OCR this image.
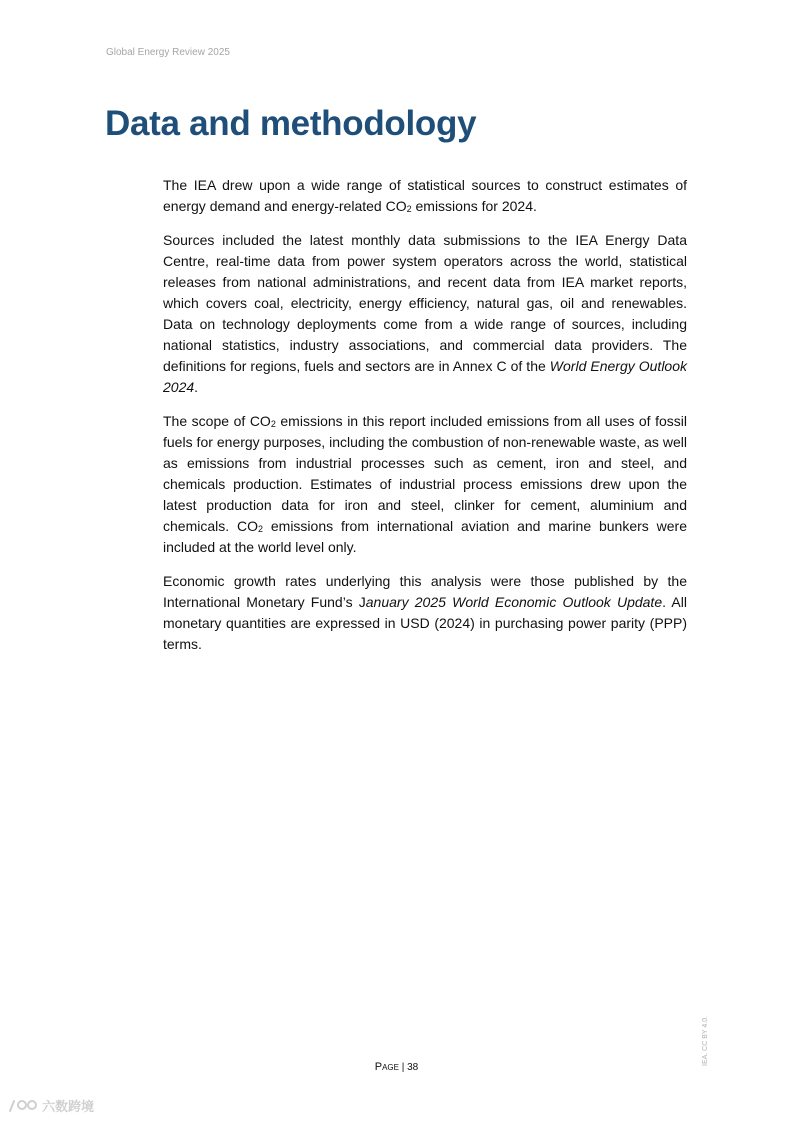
Global Energy Review 2025
Data and methodology

The IEA drew upon a wide range of statistical sources to construct estimates of energy demand and energy-related $CO_2$ emissions for 2024.

Sources included the latest monthly data submissions to the IEA Energy Data Centre, real-time data from power system operators across the world, statistical releases from national administrations, and recent data from IEA market reports, which covers coal, electricity, energy efficiency, natural gas, oil and renewables. Data on technology deployments come from a wide range of sources, including national statistics, industry associations, and commercial data providers. The definitions for regions, fuels and sectors are in Annex C of the World Energy Outlook 2024.

The scope of $CO_2$ emissions in this report included emissions from all uses of fossil fuels for energy purposes, including the combustion of non-renewable waste, as well as emissions from industrial processes such as cement, iron and steel, and chemicals production. Estimates of industrial process emissions drew upon the latest production data for iron and steel, clinker for cement, aluminium and chemicals. $CO_2$ emissions from international aviation and marine bunkers were included at the world level only.

Economic growth rates underlying this analysis were those published by the International Monetary Fund’s January 2025 World Economic Outlook Update. All monetary quantities are expressed in USD (2024) in purchasing power parity (PPP) terms.

Page | 38
IEA. CC BY 4.0.
六数跨境
